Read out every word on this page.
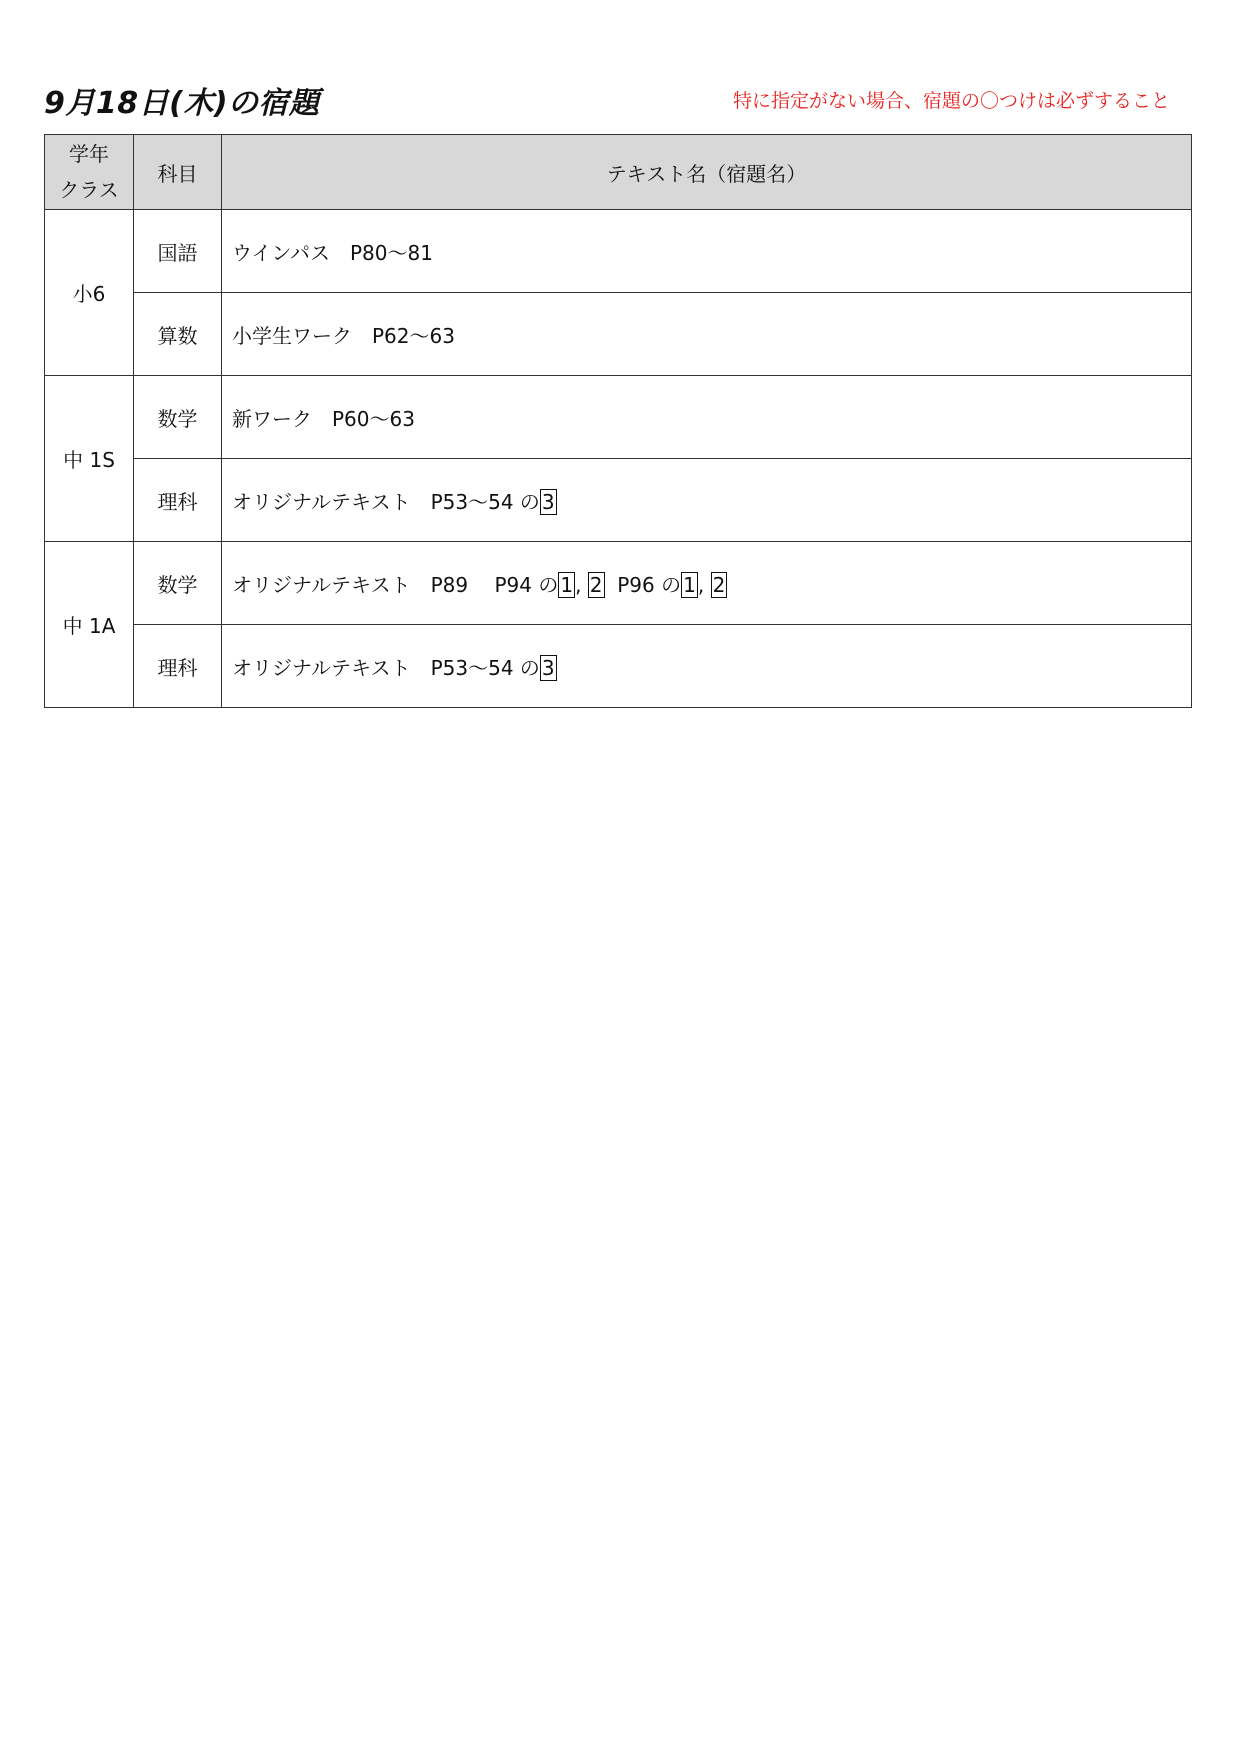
9月18日(木)の宿題	特に指定がない場合、宿題の〇つけは必ずすること
学年
クラス	科目	テキスト名（宿題名）
小6	国語	ウインパス　P80～81
	算数	小学生ワーク　P62～63
中 1S	数学	新ワーク　P60～63
	理科	オリジナルテキスト　P53～54 の 3
中 1A	数学	オリジナルテキスト　P89　 P94 の 1 , 2 P96 の 1 , 2
	理科	オリジナルテキスト　P53～54 の 3
